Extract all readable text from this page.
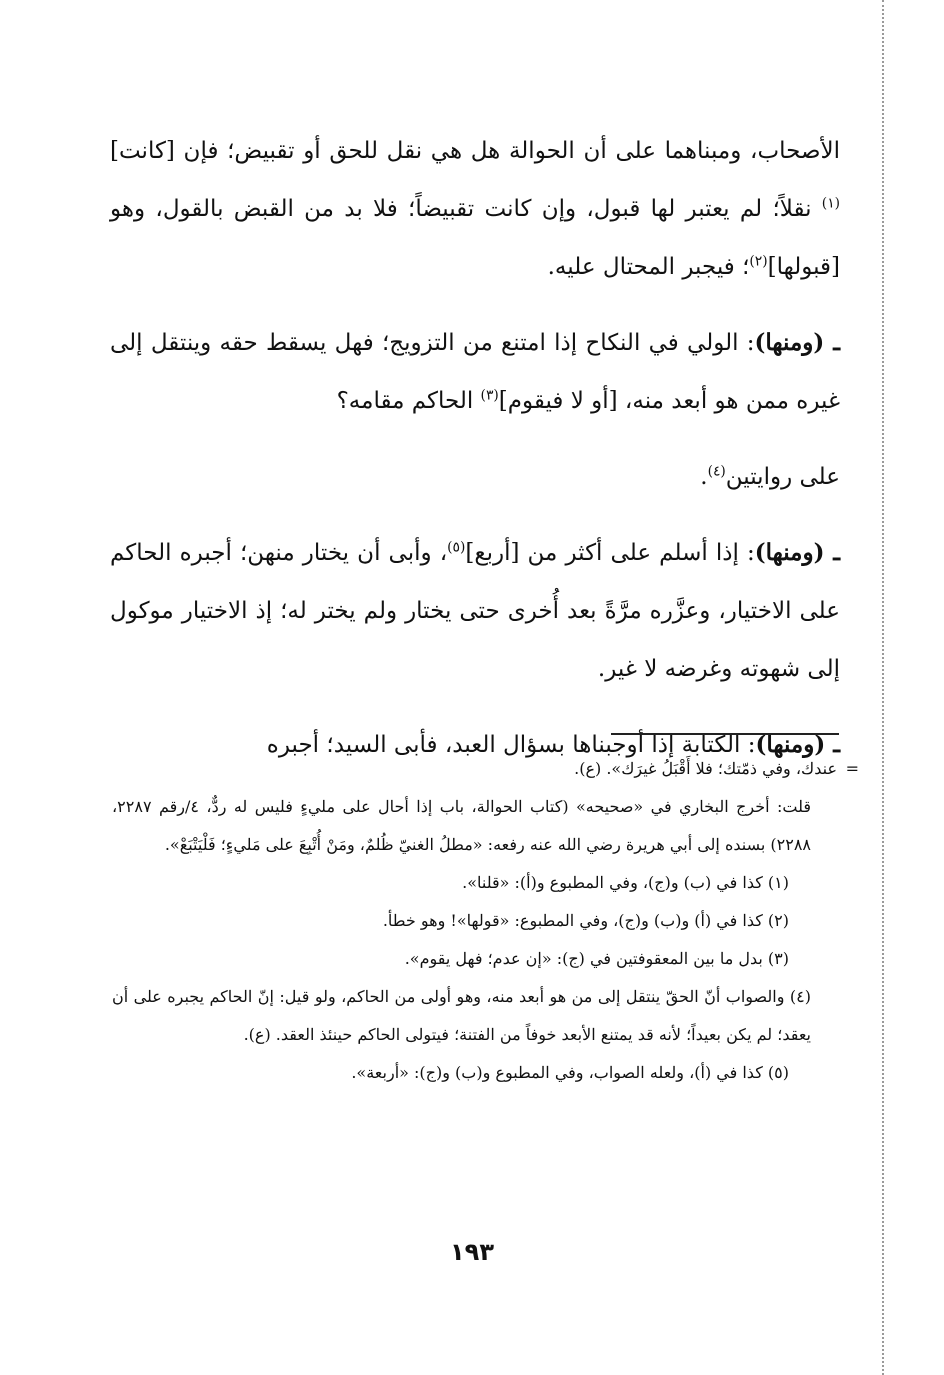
الأصحاب، ومبناهما على أن الحوالة هل هي نقل للحق أو تقبيض؛ فإن [كانت]$^{(١)}$ نقلاً؛ لم يعتبر لها قبول، وإن كانت تقبيضاً؛ فلا بد من القبض بالقول، وهو [قبولها]$^{(٢)}$؛ فيجبر المحتال عليه.

ـ (ومنها): الولي في النكاح إذا امتنع من التزويج؛ فهل يسقط حقه وينتقل إلى غيره ممن هو أبعد منه، [أو لا فيقوم]$^{(٣)}$ الحاكم مقامه؟

على روايتين$^{(٤)}$.

ـ (ومنها): إذا أسلم على أكثر من [أربع]$^{(٥)}$، وأبى أن يختار منهن؛ أجبره الحاكم على الاختيار، وعزَّره مرَّةً بعد أُخرى حتى يختار ولم يختر له؛ إذ الاختيار موكول إلى شهوته وغرضه لا غير.

ـ (ومنها): الكتابة إذا أوجبناها بسؤال العبد، فأبى السيد؛ أجبره

=
عندك، وفي ذمّتك؛ فلا أَقْبَلُ غيرَك». (ع).

قلت: أخرج البخاري في «صحيحه» (كتاب الحوالة، باب إذا أحال على مليءٍ فليس له ردٌّ، ٤/رقم ٢٢٨٧، ٢٢٨٨) بسنده إلى أبي هريرة رضي الله عنه رفعه: «مطلُ الغنيّ ظُلمٌ، ومَنْ أُتْبِعَ على مَليءٍ؛ فَلْيَتْبَعْ».

(١) كذا في (ب) و(ج)، وفي المطبوع و(أ): «قلنا».

(٢) كذا في (أ) و(ب) و(ج)، وفي المطبوع: «قولها»! وهو خطأ.

(٣) بدل ما بين المعقوفتين في (ج): «إن عدم؛ فهل يقوم».

(٤) والصواب أنّ الحقّ ينتقل إلى من هو أبعد منه، وهو أولى من الحاكم، ولو قيل: إنّ الحاكم يجبره على أن يعقد؛ لم يكن بعيداً؛ لأنه قد يمتنع الأبعد خوفاً من الفتنة؛ فيتولى الحاكم حينئذ العقد. (ع).

(٥) كذا في (أ)، ولعله الصواب، وفي المطبوع و(ب) و(ج): «أربعة».

١٩٣
